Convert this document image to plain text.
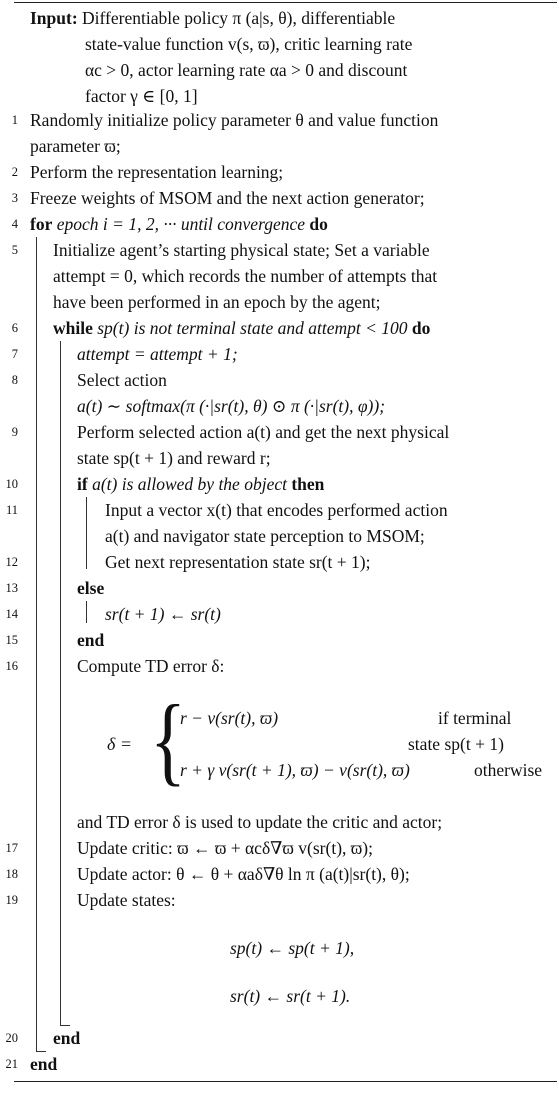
Input: Differentiable policy π (a|s, θ), differentiable
state-value function v(s, ϖ), critic learning rate
αc > 0, actor learning rate αa > 0 and discount
factor γ ∈ [0, 1]
1 Randomly initialize policy parameter θ and value function
parameter ϖ;
2 Perform the representation learning;
3 Freeze weights of MSOM and the next action generator;
4 for epoch i = 1, 2, ··· until convergence do
5 Initialize agent’s starting physical state; Set a variable
attempt = 0, which records the number of attempts that
have been performed in an epoch by the agent;
6 while sp(t) is not terminal state and attempt < 100 do
7	attempt = attempt + 1;
8	Select action
a(t) ∼ softmax(π (·|sr(t), θ) ⊙ π (·|sr(t), φ));
9	Perform selected action a(t) and get the next physical
state sp(t + 1) and reward r;
10	if a(t) is allowed by the object then
11	Input a vector x(t) that encodes performed action
a(t) and navigator state perception to MSOM;
12	Get next representation state sr(t + 1);
13	else
14	sr(t + 1) ← sr(t)
15	end
16	Compute TD error δ:
δ = {
r − v(sr(t), ϖ)	if terminal
state sp(t + 1)
r + γ v(sr(t + 1), ϖ) − v(sr(t), ϖ)	otherwise
and TD error δ is used to update the critic and actor;
17	Update critic: ϖ ← ϖ + αcδ∇ϖ v(sr(t), ϖ);
18	Update actor: θ ← θ + αaδ∇θ ln π (a(t)|sr(t), θ);
19	Update states:
sp(t) ← sp(t + 1),
sr(t) ← sr(t + 1).
20 end
21 end
